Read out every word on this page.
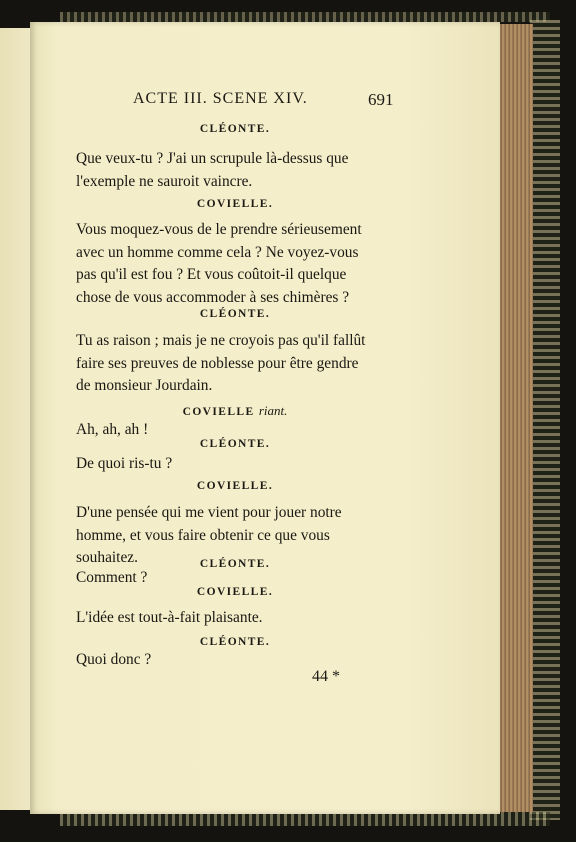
ACTE III. SCENE XIV.	691
CLÉONTE.
Que veux-tu ? J'ai un scrupule là-dessus que
l'exemple ne sauroit vaincre.
COVIELLE.
Vous moquez-vous de le prendre sérieusement
avec un homme comme cela ? Ne voyez-vous
pas qu'il est fou ? Et vous coûtoit-il quelque
chose de vous accommoder à ses chimères ?
CLÉONTE.
Tu as raison ; mais je ne croyois pas qu'il fallût
faire ses preuves de noblesse pour être gendre
de monsieur Jourdain.
COVIELLE riant.
Ah, ah, ah !
CLÉONTE.
De quoi ris-tu ?
COVIELLE.
D'une pensée qui me vient pour jouer notre
homme, et vous faire obtenir ce que vous
souhaitez.	CLÉONTE.
Comment ?
COVIELLE.
L'idée est tout-à-fait plaisante.
CLÉONTE.
Quoi donc ?
44 *
